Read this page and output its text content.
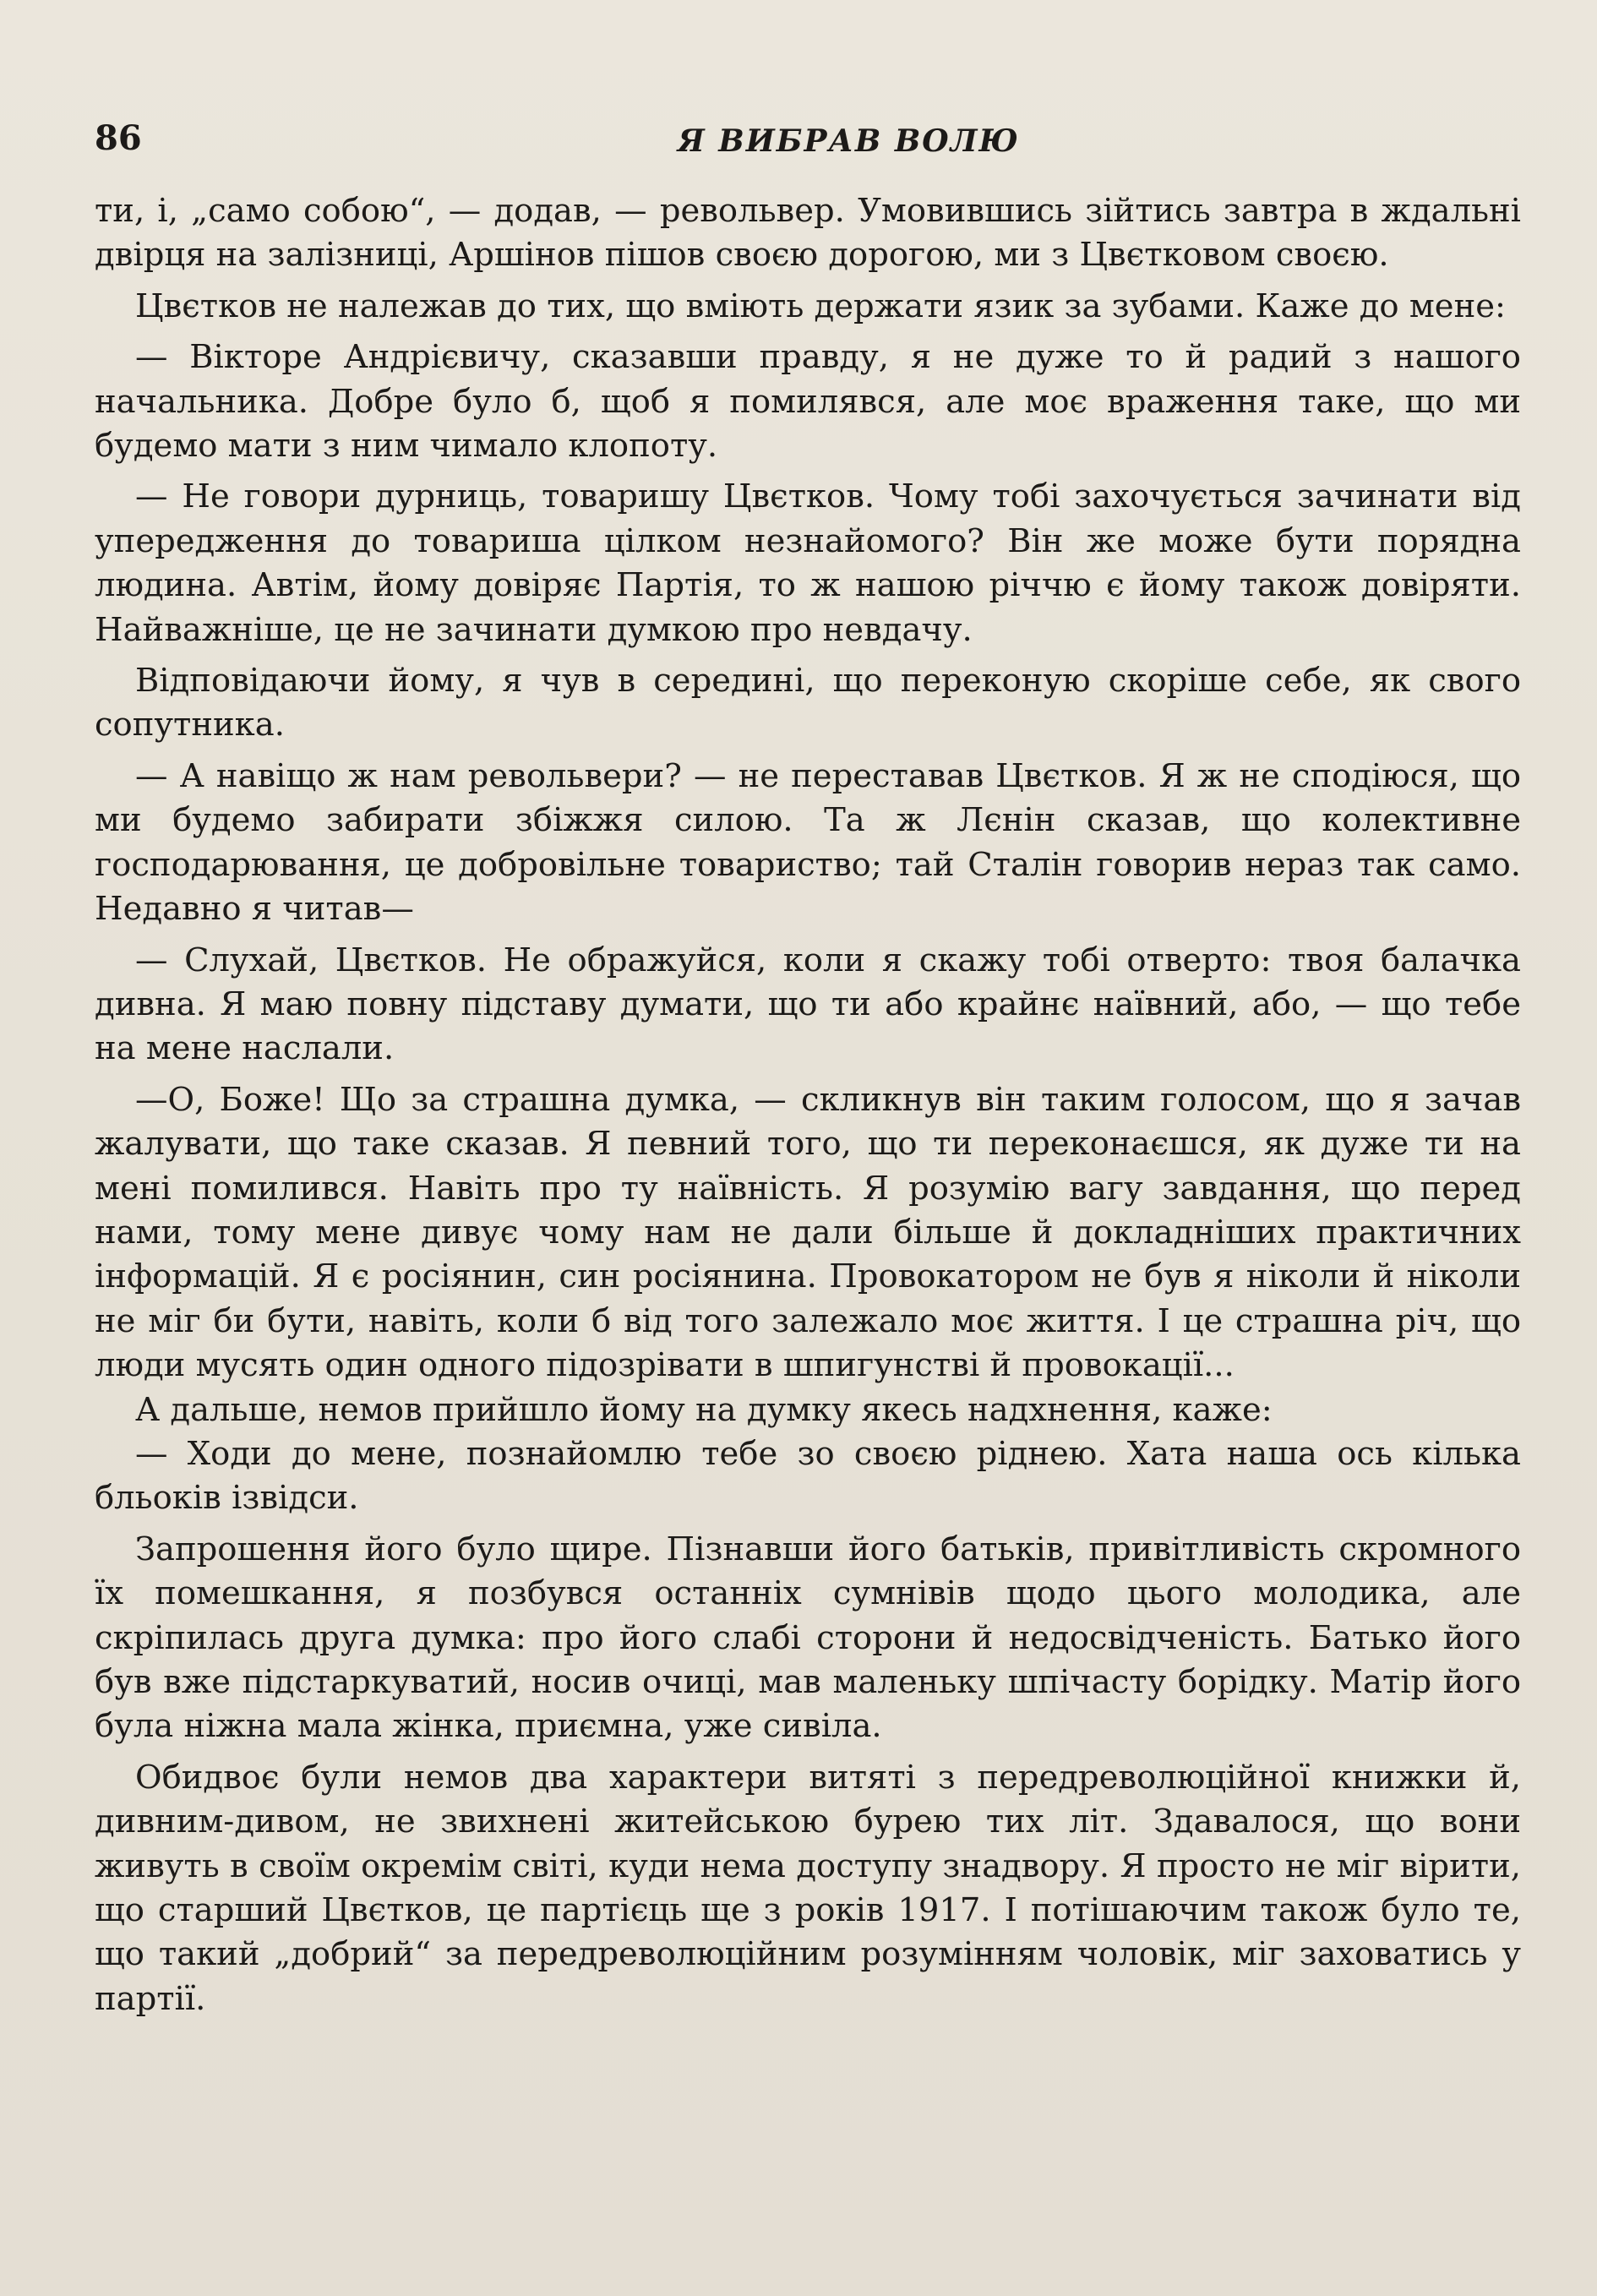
86	Я ВИБРАВ ВОЛЮ

ти, і, „само собою“, — додав, — револьвер. Умовившись зійтись завтра в ждальні двірця на залізниці, Аршінов пішов своєю дорогою, ми з Цвєтковом своєю.

Цвєтков не належав до тих, що вміють держати язик за зубами. Каже до мене:

— Вікторе Андрієвичу, сказавши правду, я не дуже то й радий з нашого начальника. Добре було б, щоб я помилявся, але моє враження таке, що ми будемо мати з ним чимало клопоту.

— Не говори дурниць, товаришу Цвєтков. Чому тобі захочується зачинати від упередження до товариша цілком незнайомого? Він же може бути порядна людина. Автім, йому довіряє Партія, то ж нашою річчю є йому також довіряти. Найважніше, це не зачинати думкою про невдачу.

Відповідаючи йому, я чув в середині, що переконую скоріше себе, як свого сопутника.

— А навіщо ж нам револьвери? — не переставав Цвєтков. Я ж не сподіюся, що ми будемо забирати збіжжя силою. Та ж Лєнін сказав, що колективне господарювання, це добровільне товариство; тай Сталін говорив нераз так само. Недавно я читав—

— Слухай, Цвєтков. Не ображуйся, коли я скажу тобі отверто: твоя балачка дивна. Я маю повну підставу думати, що ти або крайнє наївний, або, — що тебе на мене наслали.

—О, Боже! Що за страшна думка, — скликнув він таким голосом, що я зачав жалувати, що таке сказав. Я певний того, що ти переконаєшся, як дуже ти на мені помилився. Навіть про ту наївність. Я розумію вагу завдання, що перед нами, тому мене дивує чому нам не дали більше й докладніших практичних інформацій. Я є росіянин, син росіянина. Провокатором не був я ніколи й ніколи не міг би бути, навіть, коли б від того залежало моє життя. І це страшна річ, що люди мусять один одного підозрівати в шпигунстві й провокації...

А дальше, немов прийшло йому на думку якесь надхнення, каже:

— Ходи до мене, познайомлю тебе зо своєю ріднею. Хата наша ось кілька бльоків ізвідси.

Запрошення його було щире. Пізнавши його батьків, привітливість скромного їх помешкання, я позбувся останніх сумнівів щодо цього молодика, але скріпилась друга думка: про його слабі сторони й недосвідченість. Батько його був вже підстаркуватий, носив очиці, мав маленьку шпічасту борідку. Матір його була ніжна мала жінка, приємна, уже сивіла.

Обидвоє були немов два характери витяті з передреволюційної книжки й, дивним-дивом, не звихнені житейською бурею тих літ. Здавалося, що вони живуть в своїм окремім світі, куди нема доступу знадвору. Я просто не міг вірити, що старший Цвєтков, це партієць ще з років 1917. І потішаючим також було те, що такий „добрий“ за передреволюційним розумінням чоловік, міг заховатись у партії.
